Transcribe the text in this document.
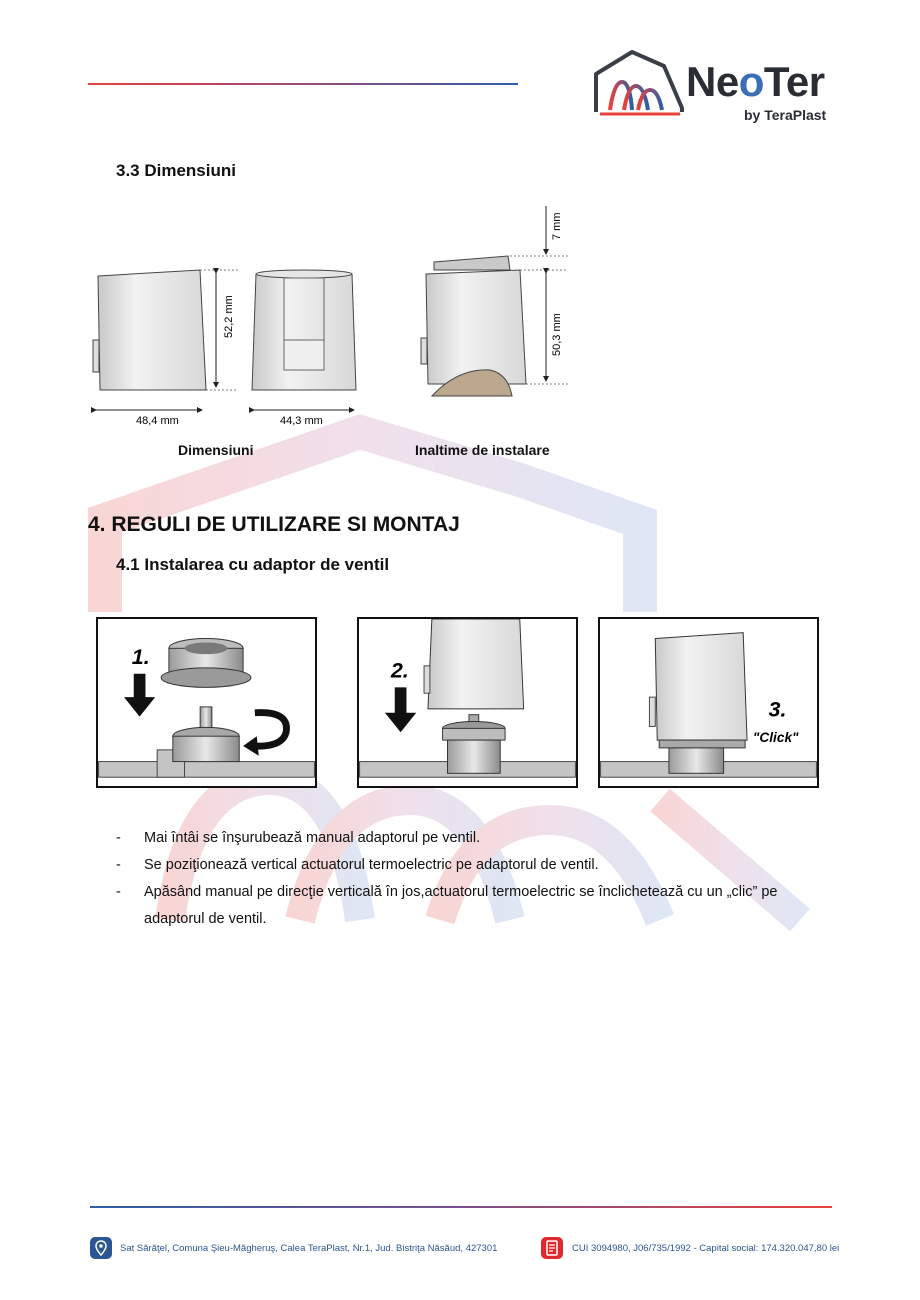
NeoTer
by TeraPlast
3.3 Dimensiuni
52,2 mm
48,4 mm	44,3 mm
7 mm
50,3 mm

Dimensiuni	Inaltime de instalare

4. REGULI DE UTILIZARE SI MONTAJ
4.1 Instalarea cu adaptor de ventil
1.
2.
3.
"Click"
- Mai întâi se înşurubează manual adaptorul pe ventil.
- Se poziţionează vertical actuatorul termoelectric pe adaptorul de ventil.
- Apăsând manual pe direcţie verticală în jos,actuatorul termoelectric se înclichetează cu un „clic” pe adaptorul de ventil.

Sat Sărăţel, Comuna Şieu-Măgheruş, Calea TeraPlast, Nr.1, Jud. Bistriţa Năsăud, 427301	CUI 3094980, J06/735/1992 - Capital social: 174.320.047,80 lei
